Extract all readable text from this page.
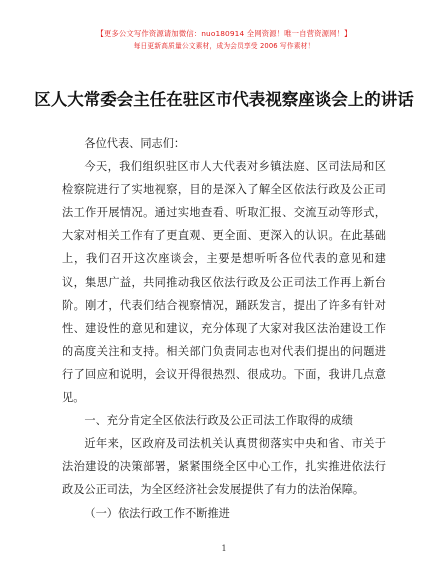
【更多公文写作资源请加微信：nuo180914 全网资源！唯一自营资源网！】
每日更新高质量公文素材，成为会员享受 2006 写作素材！
区人大常委会主任在驻区市代表视察座谈会上的讲话

各位代表、同志们：

今天，我们组织驻区市人大代表对乡镇法庭、区司法局和区检察院进行了实地视察，目的是深入了解全区依法行政及公正司法工作开展情况。通过实地查看、听取汇报、交流互动等形式，大家对相关工作有了更直观、更全面、更深入的认识。在此基础上，我们召开这次座谈会，主要是想听听各位代表的意见和建议，集思广益，共同推动我区依法行政及公正司法工作再上新台阶。刚才，代表们结合视察情况，踊跃发言，提出了许多有针对性、建设性的意见和建议，充分体现了大家对我区法治建设工作的高度关注和支持。相关部门负责同志也对代表们提出的问题进行了回应和说明，会议开得很热烈、很成功。下面，我讲几点意见。

一、充分肯定全区依法行政及公正司法工作取得的成绩

近年来，区政府及司法机关认真贯彻落实中央和省、市关于法治建设的决策部署，紧紧围绕全区中心工作，扎实推进依法行政及公正司法，为全区经济社会发展提供了有力的法治保障。

（一）依法行政工作不断推进

1
